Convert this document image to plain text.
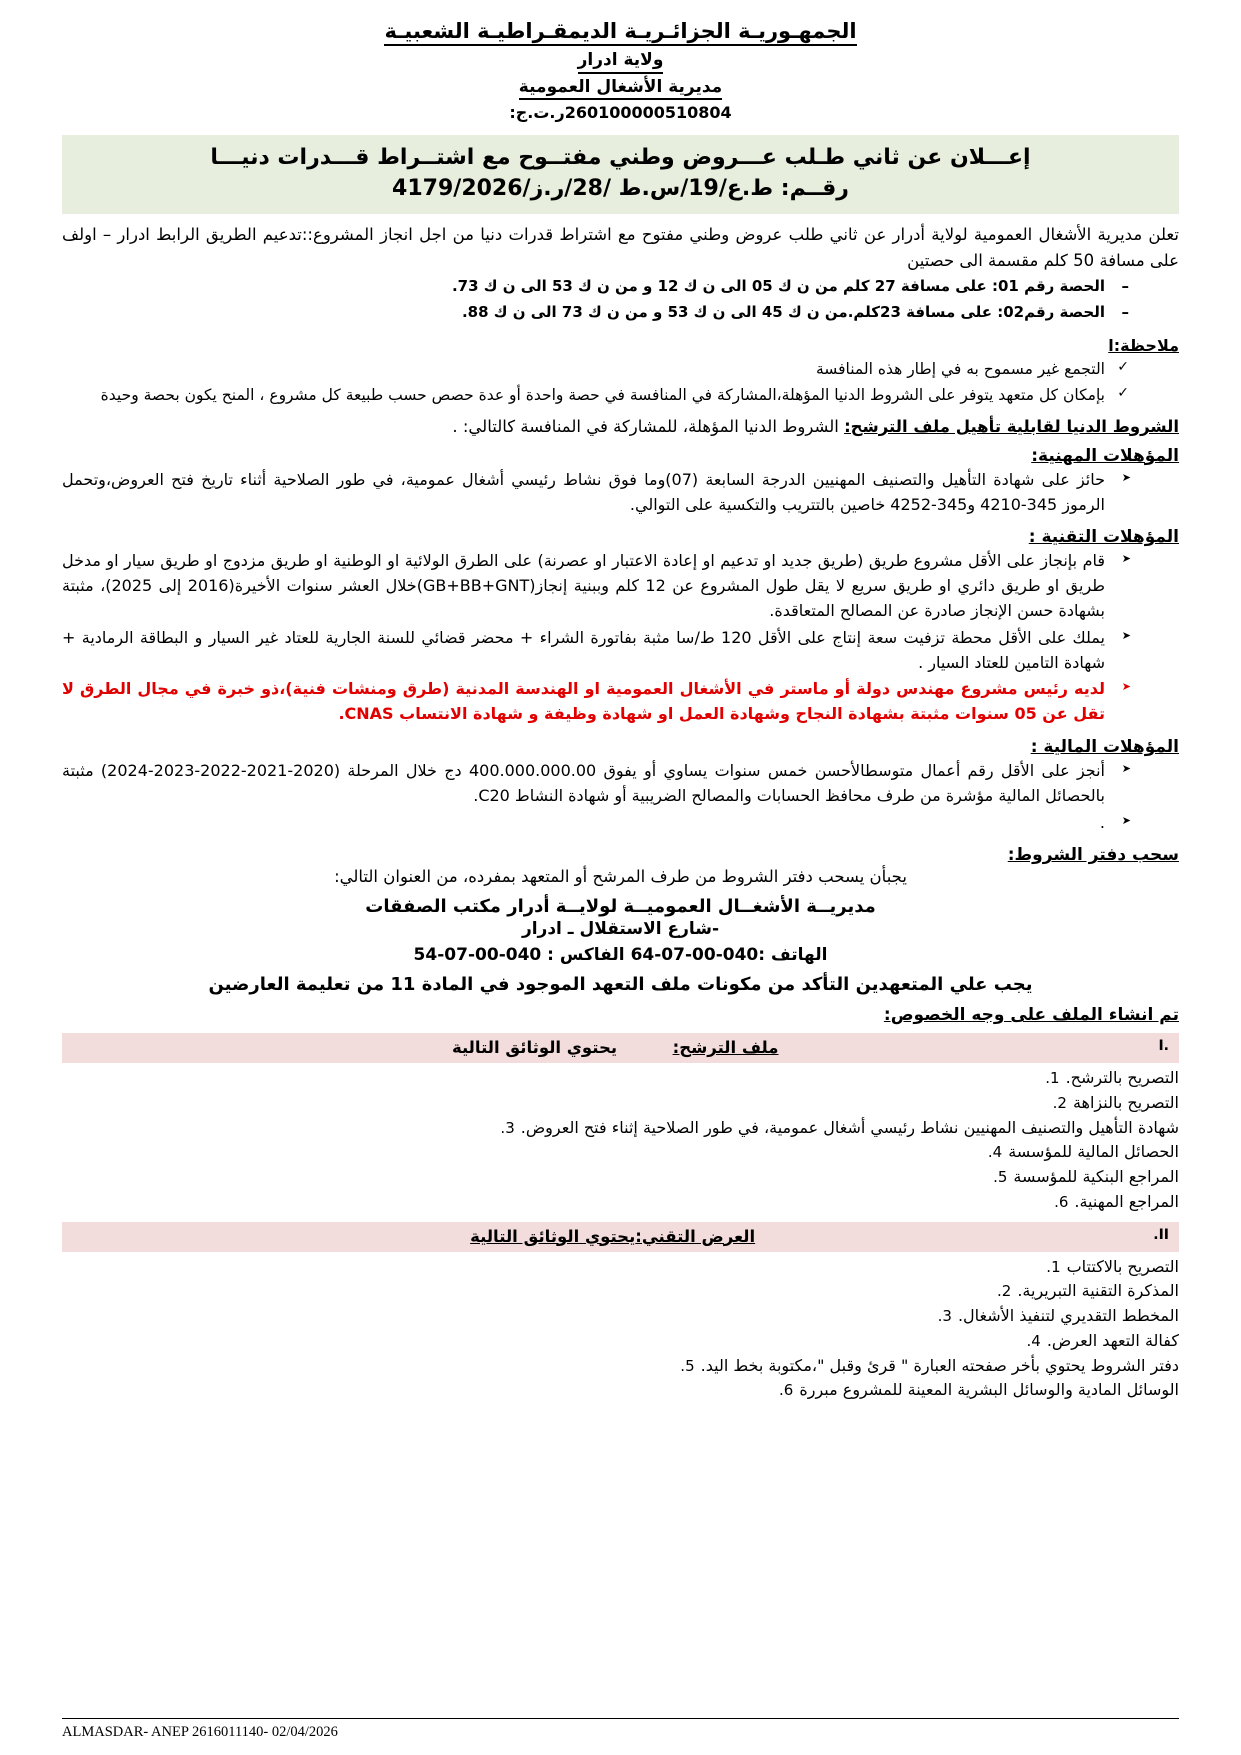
الجمهـوريـة الجزائـريـة الديمقـراطيـة الشعبيـة
ولاية ادرار
مديرية الأشغال العمومية
260100000510804ر.ت.ج:
إعـــلان عن ثاني طـلب عـــروض وطني مفتــوح مع اشتــراط قـــدرات دنيـــا
رقــم: ط.ع/19/س.ط /28/ر.ز/4179/2026
تعلن مديرية الأشغال العمومية لولاية أدرار عن ثاني طلب عروض وطني مفتوح مع اشتراط قدرات دنيا من اجل انجاز المشروع::تدعيم الطريق الرابط ادرار – اولف على مسافة 50 كلم مقسمة الى حصتين
– الحصة رقم 01: على مسافة 27 كلم من ن ك 05 الى ن ك 12 و من ن ك 53 الى ن ك 73.
– الحصة رقم02: على مسافة 23كلم.من ن ك 45 الى ن ك 53 و من ن ك 73 الى ن ك 88.
ملاحظة:ا
✓ التجمع غير مسموح به في إطار هذه المنافسة
✓ بإمكان كل متعهد يتوفر على الشروط الدنيا المؤهلة،المشاركة في المنافسة في حصة واحدة أو عدة حصص حسب طبيعة كل مشروع ، المنح يكون بحصة وحيدة
الشروط الدنيا لقابلية تأهيل ملف الترشح: الشروط الدنيا المؤهلة، للمشاركة في المنافسة كالتالي: .
المؤهلات المهنية:
➤ حائز على شهادة التأهيل والتصنيف المهنيين الدرجة السابعة (07)وما فوق نشاط رئيسي أشغال عمومية، في طور الصلاحية أثناء تاريخ فتح العروض،وتحمل الرموز 345-4210 و345-4252 خاصين بالتتريب والتكسية على التوالي.
المؤهلات التقنية :
➤ قام بإنجاز على الأقل مشروع طريق (طريق جديد او تدعيم او إعادة الاعتبار او عصرنة) على الطرق الولائية او الوطنية او طريق مزدوج او طريق سيار او مدخل طريق او طريق دائري او طريق سريع لا يقل طول المشروع عن 12 كلم وببنية إنجاز(GB+BB+GNT)خلال العشر سنوات الأخيرة(2016 إلى 2025)، مثبتة بشهادة حسن الإنجاز صادرة عن المصالح المتعاقدة.
➤ يملك على الأقل محطة تزفيت سعة إنتاج على الأقل 120 ط/سا مثبة بفاتورة الشراء + محضر قضائي للسنة الجارية للعتاد غير السيار و البطاقة الرمادية + شهادة التامين للعتاد السيار .
➤ لديه رئيس مشروع مهندس دولة أو ماستر في الأشغال العمومية او الهندسة المدنية (طرق ومنشات فنية)،ذو خبرة في مجال الطرق لا تقل عن 05 سنوات مثبتة بشهادة النجاح وشهادة العمل او شهادة وظيفة و شهادة الانتساب CNAS.
المؤهلات المالية :
➤ أنجز على الأقل رقم أعمال متوسطالأحسن خمس سنوات يساوي أو يفوق 400.000.000.00 دج خلال المرحلة (2020-2021-2022-2023-2024) مثبتة بالحصائل المالية مؤشرة من طرف محافظ الحسابات والمصالح الضريبية أو شهادة النشاط C20.
➤ .
سحب دفتر الشروط:
يجبأن يسحب دفتر الشروط من طرف المرشح أو المتعهد بمفرده، من العنوان التالي:
مديريــة الأشغــال العموميــة لولايــة أدرار مكتب الصفقات
-شارع الاستقلال ـ ادرار
الهاتف :040-00-07-64 الفاكس : 040-00-07-54
يجب علي المتعهدين التأكد من مكونات ملف التعهد الموجود في المادة 11 من تعليمة العارضين
تم انشاء الملف على وجه الخصوص:
.I
ملف الترشح:  يحتوي الوثائق التالية
التصريح بالترشح.
التصريح بالنزاهة
شهادة التأهيل والتصنيف المهنيين نشاط رئيسي أشغال عمومية، في طور الصلاحية إثناء فتح العروض.
الحصائل المالية للمؤسسة
المراجع البنكية للمؤسسة
المراجع المهنية.
II.
العرض التقني:يحتوي الوثائق التالية
التصريح بالاكتتاب
المذكرة التقنية التبريرية.
المخطط التقديري لتنفيذ الأشغال.
كفالة التعهد العرض.
دفتر الشروط يحتوي بأخر صفحته العبارة " قرئ وقبل "،مكتوبة بخط اليد.
الوسائل المادية والوسائل البشرية المعينة للمشروع مبررة
ALMASDAR- ANEP 2616011140- 02/04/2026
